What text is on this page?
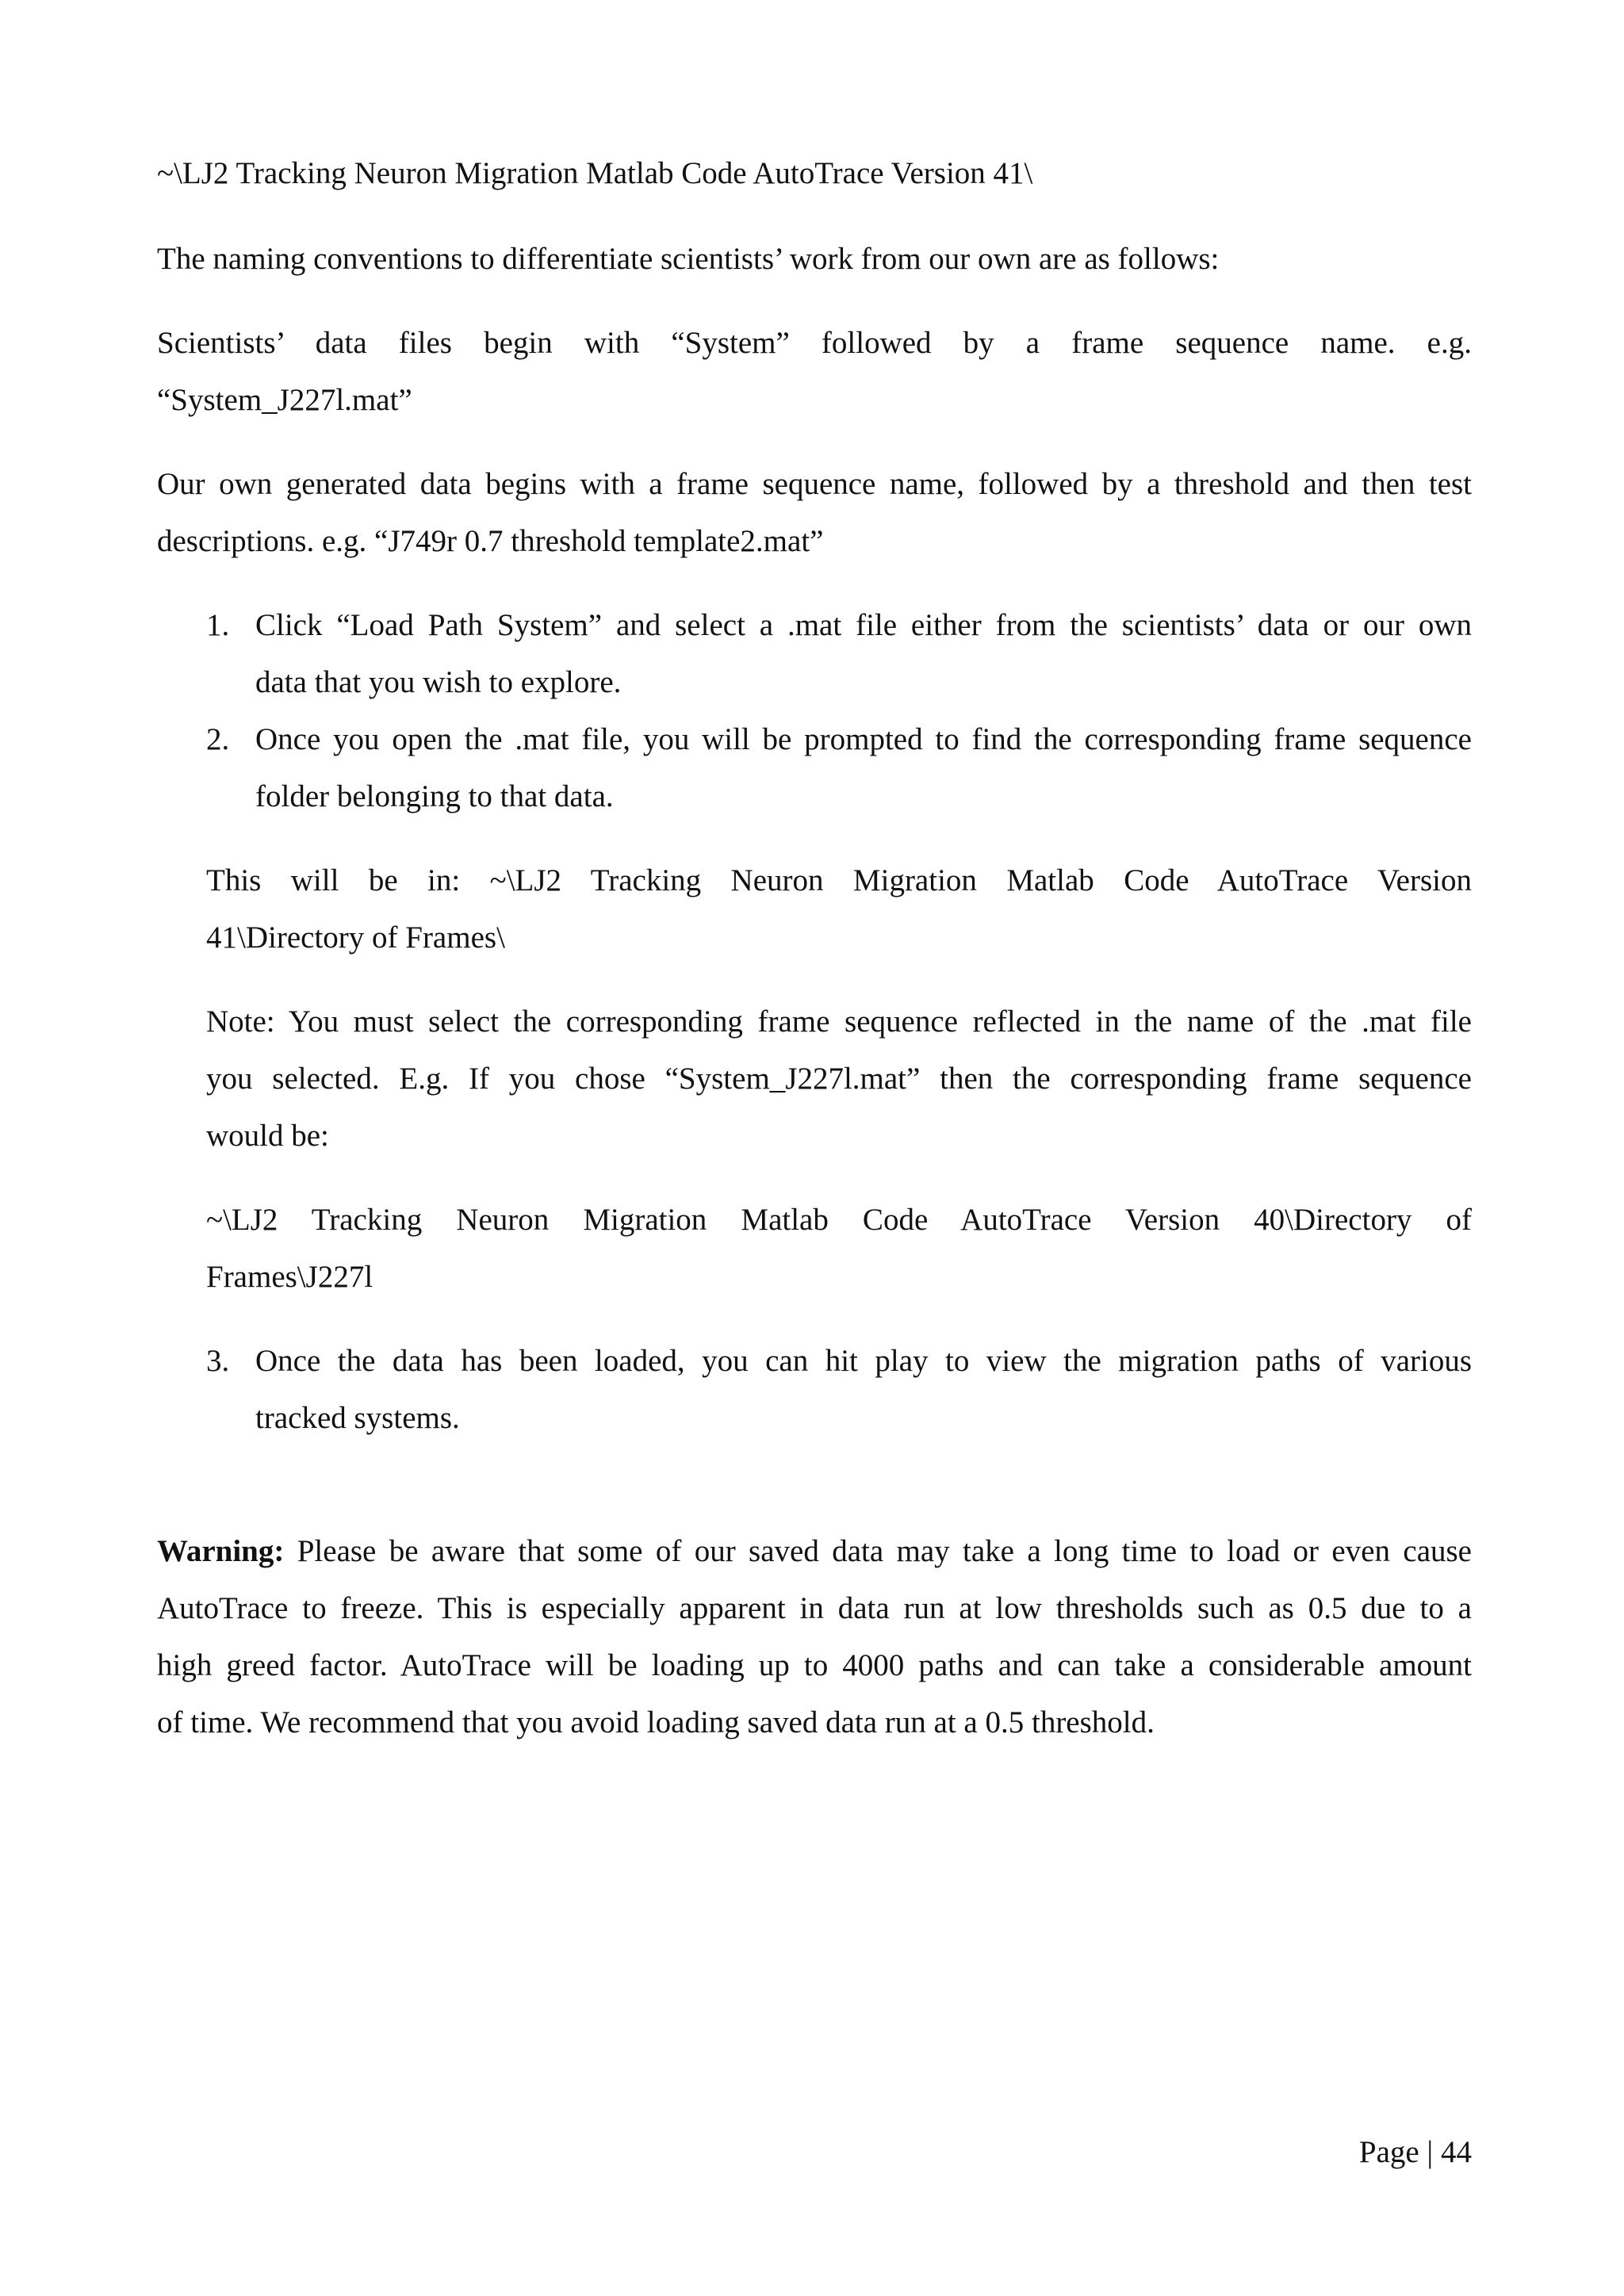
~\LJ2 Tracking Neuron Migration Matlab Code AutoTrace Version 41\
The naming conventions to differentiate scientists’ work from our own are as follows:
Scientists’ data files begin with “System” followed by a frame sequence name. e.g.
“System_J227l.mat”
Our own generated data begins with a frame sequence name, followed by a threshold and then test
descriptions. e.g. “J749r 0.7 threshold template2.mat”
1. Click “Load Path System” and select a .mat file either from the scientists’ data or our own
data that you wish to explore.
2. Once you open the .mat file, you will be prompted to find the corresponding frame sequence
folder belonging to that data.
This will be in: ~\LJ2 Tracking Neuron Migration Matlab Code AutoTrace Version
41\Directory of Frames\
Note: You must select the corresponding frame sequence reflected in the name of the .mat file
you selected. E.g. If you chose “System_J227l.mat” then the corresponding frame sequence
would be:
~\LJ2 Tracking Neuron Migration Matlab Code AutoTrace Version 40\Directory of
Frames\J227l
3. Once the data has been loaded, you can hit play to view the migration paths of various
tracked systems.
Warning: Please be aware that some of our saved data may take a long time to load or even cause
AutoTrace to freeze. This is especially apparent in data run at low thresholds such as 0.5 due to a
high greed factor. AutoTrace will be loading up to 4000 paths and can take a considerable amount
of time. We recommend that you avoid loading saved data run at a 0.5 threshold.
Page | 44
